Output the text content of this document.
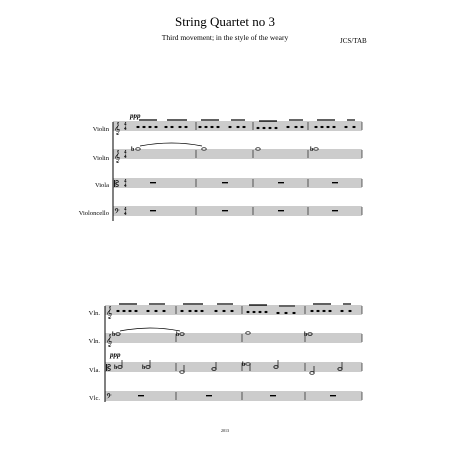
String Quartet no 3
Third movement; in the style of the weary	JCS/TAB
Violin
Violin
Viola
Violoncello
ppp
𝄞 4
4
𝄞 4
4
b	b
𝄡 4
4
𝄢 4
4
Vln.
Vln.
Vla.
Vlc.
ppp
𝄞
𝄞 b	b	b
𝄡 b	b	b
𝄢
2013
